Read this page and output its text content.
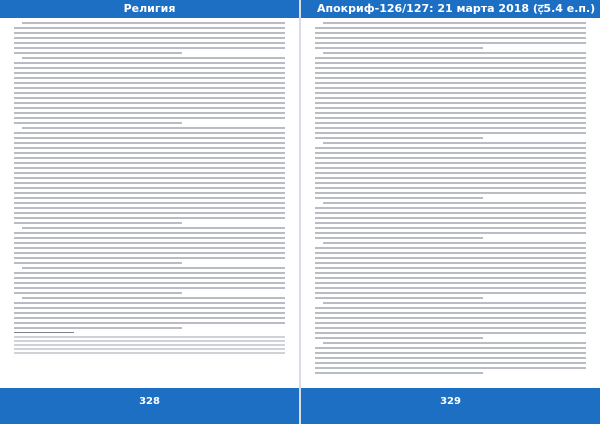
Религия
328
Апокриф-126/127: 21 марта 2018 (ट़5.4 е.п.)
329
